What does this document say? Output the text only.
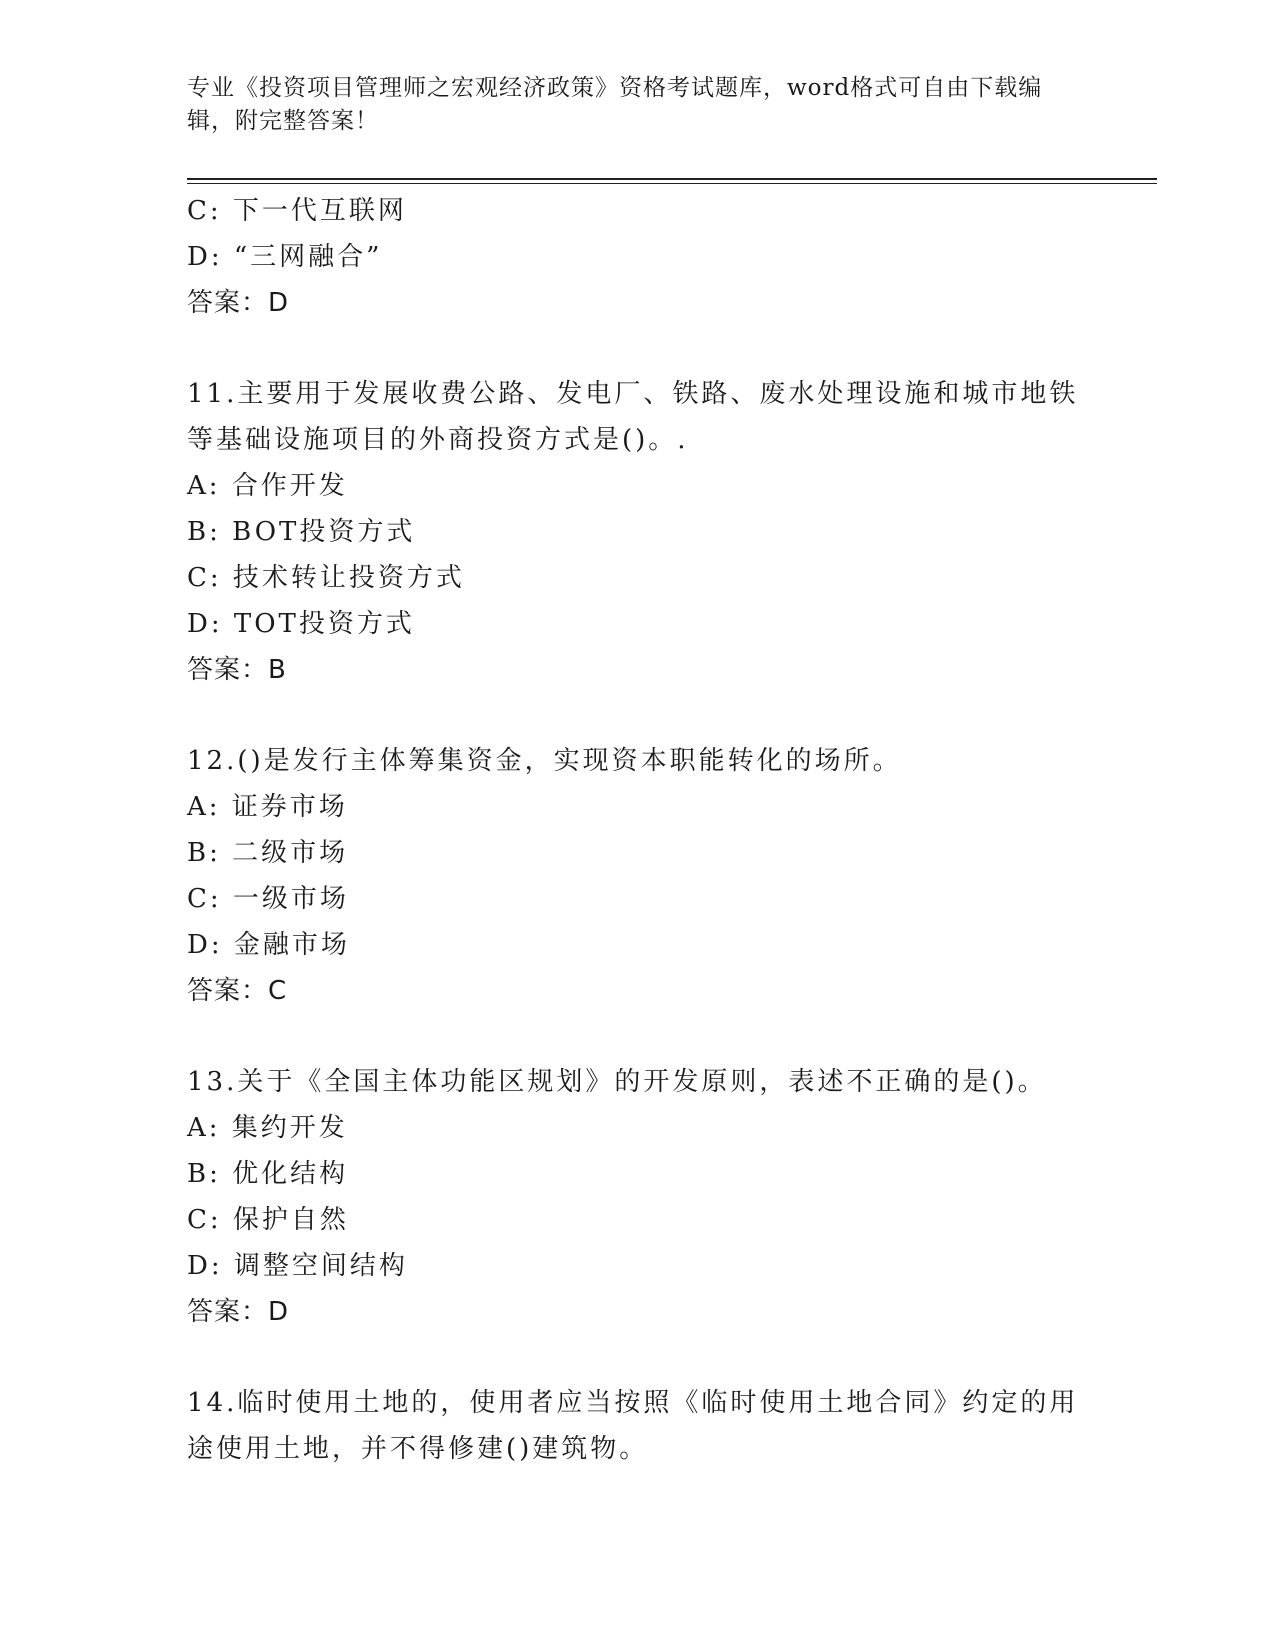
专业《投资项目管理师之宏观经济政策》资格考试题库，word格式可自由下载编
辑，附完整答案！
C: 下一代互联网
D: “三网融合”
答案：D
11.主要用于发展收费公路、发电厂、铁路、废水处理设施和城市地铁
等基础设施项目的外商投资方式是()。.
A: 合作开发
B: BOT投资方式
C: 技术转让投资方式
D: TOT投资方式
答案：B
12.()是发行主体筹集资金，实现资本职能转化的场所。
A: 证券市场
B: 二级市场
C: 一级市场
D: 金融市场
答案：C
13.关于《全国主体功能区规划》的开发原则，表述不正确的是()。
A: 集约开发
B: 优化结构
C: 保护自然
D: 调整空间结构
答案：D
14.临时使用土地的，使用者应当按照《临时使用土地合同》约定的用
途使用土地，并不得修建()建筑物。
